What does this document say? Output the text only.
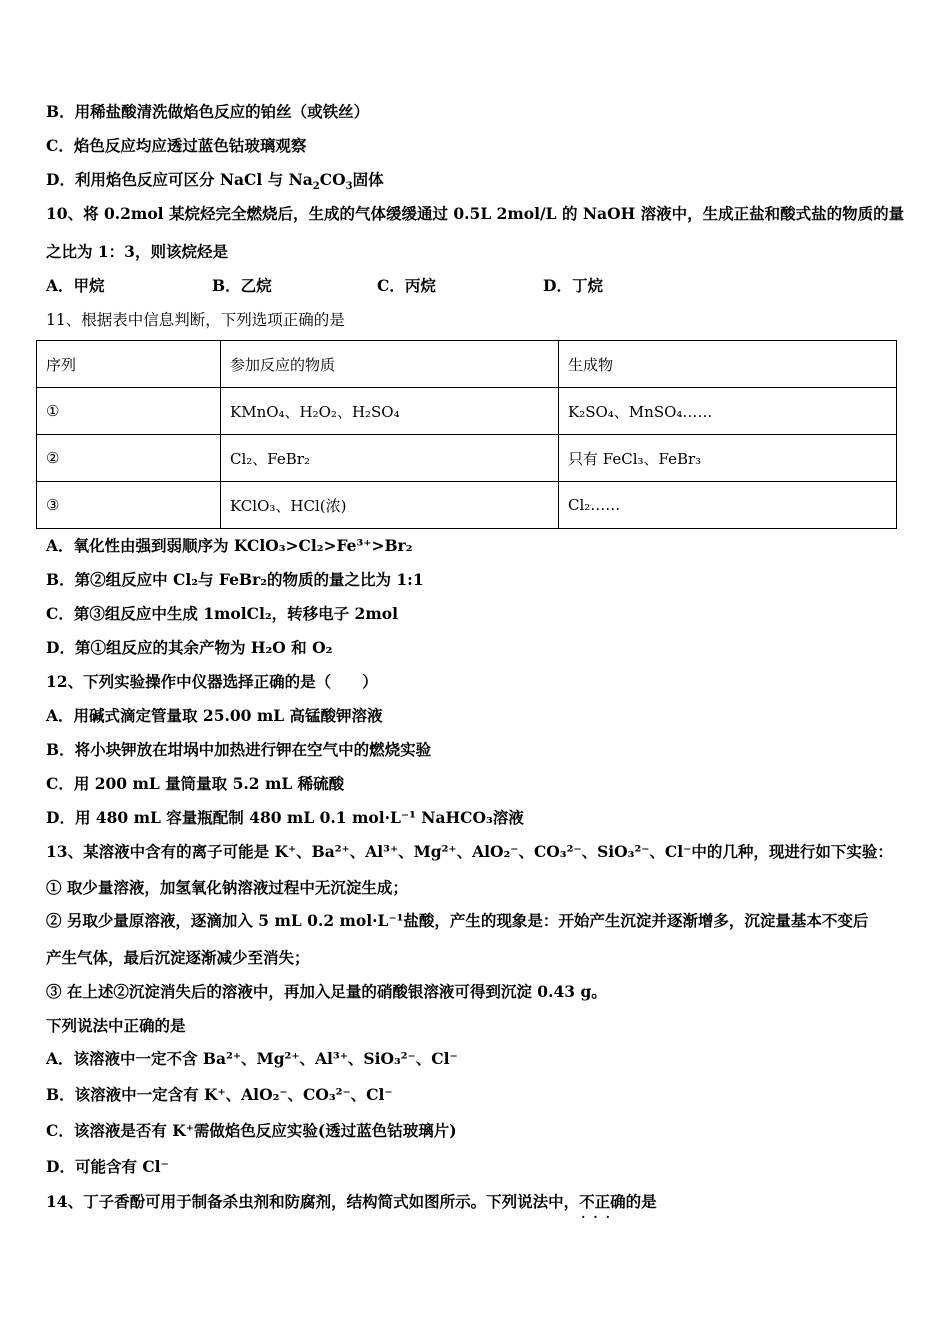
B．用稀盐酸清洗做焰色反应的铂丝（或铁丝）
C．焰色反应均应透过蓝色钴玻璃观察
D．利用焰色反应可区分 NaCl 与 $Na_2CO_3$固体
10、将 0.2mol 某烷烃完全燃烧后，生成的气体缓缓通过 0.5L 2mol/L 的 NaOH 溶液中，生成正盐和酸式盐的物质的量
之比为 1：3，则该烷烃是
A．甲烷	B．乙烷	C．丙烷	D．丁烷
11、根据表中信息判断，下列选项正确的是
序列	参加反应的物质	生成物
①	KMnO₄、H₂O₂、H₂SO₄	K₂SO₄、MnSO₄……
②	Cl₂、FeBr₂	只有 FeCl₃、FeBr₃
③	KClO₃、HCl(浓)	Cl₂……
A．氧化性由强到弱顺序为 KClO₃>Cl₂>Fe³⁺>Br₂
B．第②组反应中 Cl₂与 FeBr₂的物质的量之比为 1:1
C．第③组反应中生成 1molCl₂，转移电子 2mol
D．第①组反应的其余产物为 H₂O 和 O₂
12、下列实验操作中仪器选择正确的是（　　）
A．用碱式滴定管量取 25.00 mL 高锰酸钾溶液
B．将小块钾放在坩埚中加热进行钾在空气中的燃烧实验
C．用 200 mL 量筒量取 5.2 mL 稀硫酸
D．用 480 mL 容量瓶配制 480 mL 0.1 mol·L⁻¹ NaHCO₃溶液
13、某溶液中含有的离子可能是 K⁺、Ba²⁺、Al³⁺、Mg²⁺、AlO₂⁻、CO₃²⁻、SiO₃²⁻、Cl⁻中的几种，现进行如下实验：
① 取少量溶液，加氢氧化钠溶液过程中无沉淀生成；
② 另取少量原溶液，逐滴加入 5 mL 0.2 mol·L⁻¹盐酸，产生的现象是：开始产生沉淀并逐渐增多，沉淀量基本不变后
产生气体，最后沉淀逐渐减少至消失；
③ 在上述②沉淀消失后的溶液中，再加入足量的硝酸银溶液可得到沉淀 0.43 g。
下列说法中正确的是
A．该溶液中一定不含 Ba²⁺、Mg²⁺、Al³⁺、SiO₃²⁻、Cl⁻
B．该溶液中一定含有 K⁺、AlO₂⁻、CO₃²⁻、Cl⁻
C．该溶液是否有 K⁺需做焰色反应实验(透过蓝色钴玻璃片)
D．可能含有 Cl⁻
14、丁子香酚可用于制备杀虫剂和防腐剂，结构简式如图所示。下列说法中，不正确 . . .的是
